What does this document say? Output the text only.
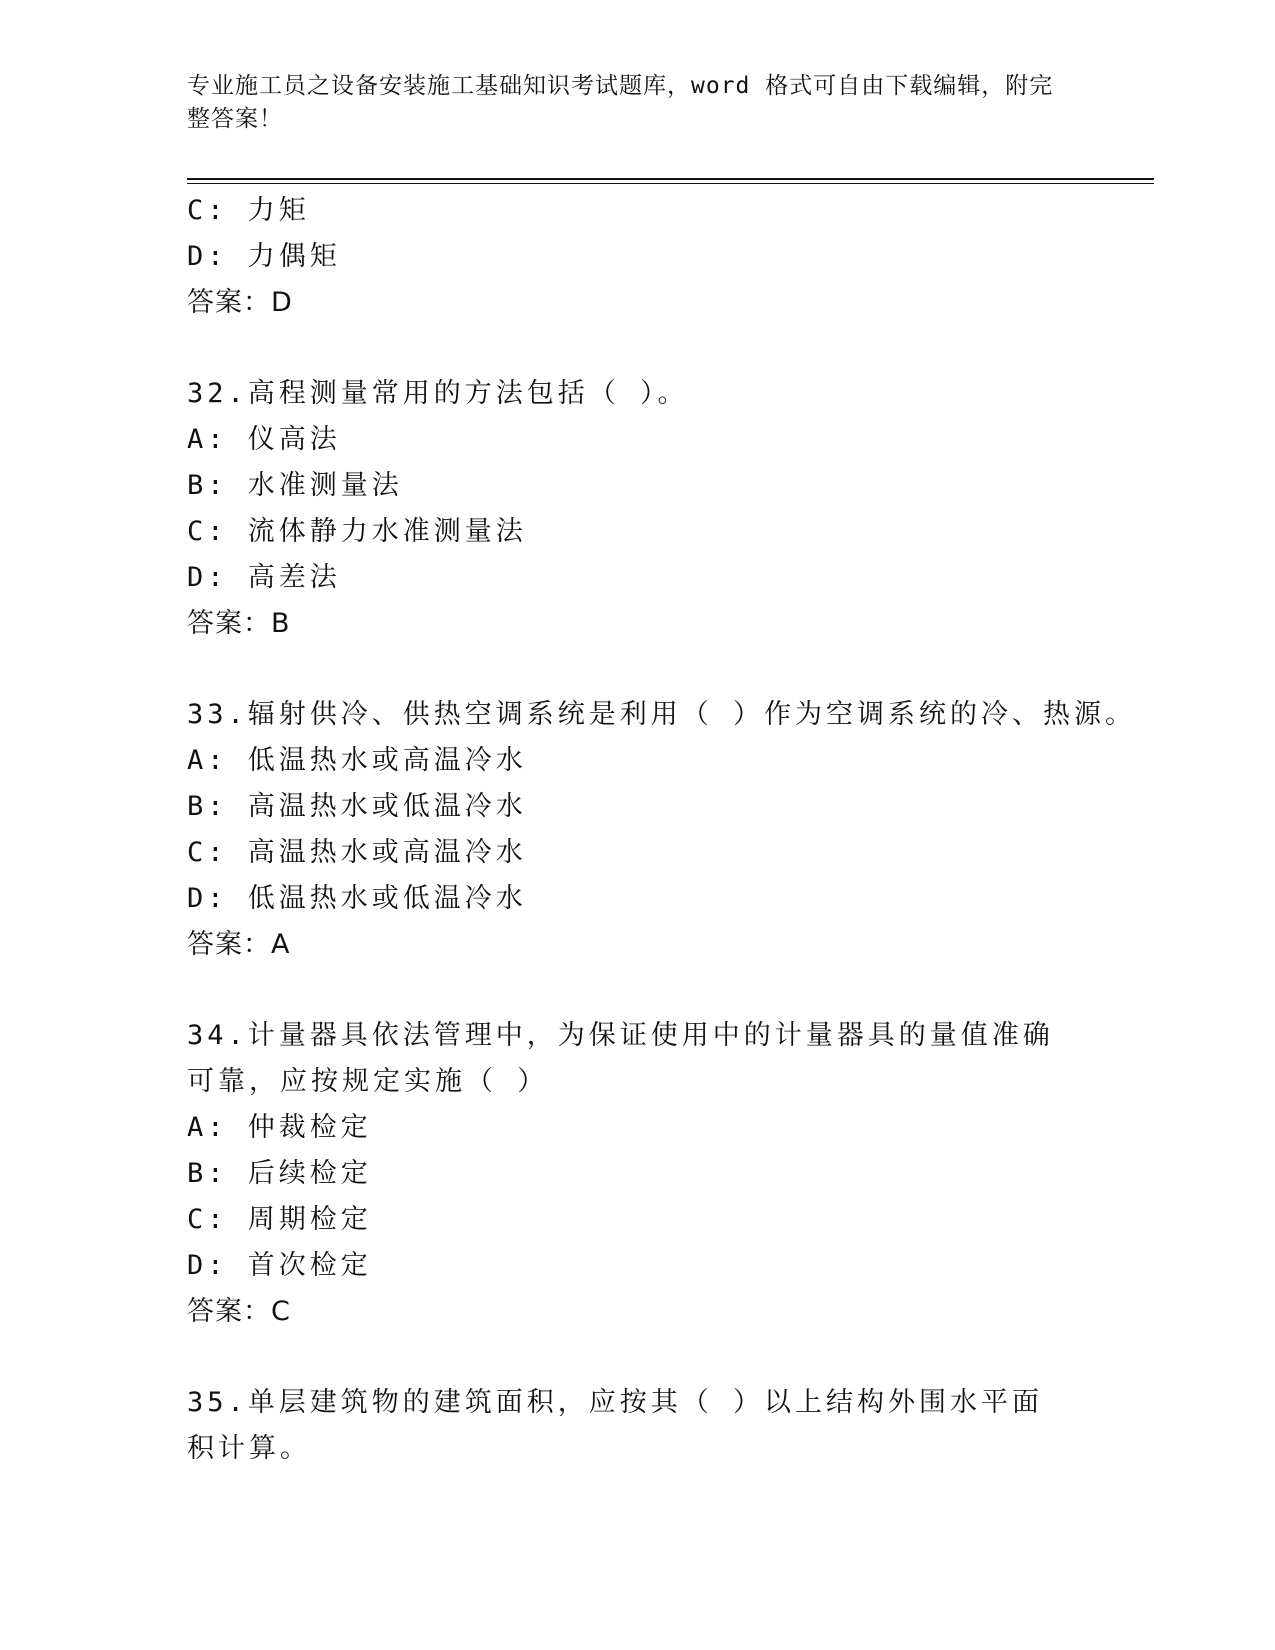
专业施工员之设备安装施工基础知识考试题库，word 格式可自由下载编辑，附完整答案！
C: 力矩
D: 力偶矩
答案：D
32.高程测量常用的方法包括（ ）。
A: 仪高法
B: 水准测量法
C: 流体静力水准测量法
D: 高差法
答案：B
33.辐射供冷、供热空调系统是利用（ ）作为空调系统的冷、热源。
A: 低温热水或高温冷水
B: 高温热水或低温冷水
C: 高温热水或高温冷水
D: 低温热水或低温冷水
答案：A
34.计量器具依法管理中，为保证使用中的计量器具的量值准确可靠，应按规定实施（ ）
A: 仲裁检定
B: 后续检定
C: 周期检定
D: 首次检定
答案：C
35.单层建筑物的建筑面积，应按其（ ）以上结构外围水平面积计算。
